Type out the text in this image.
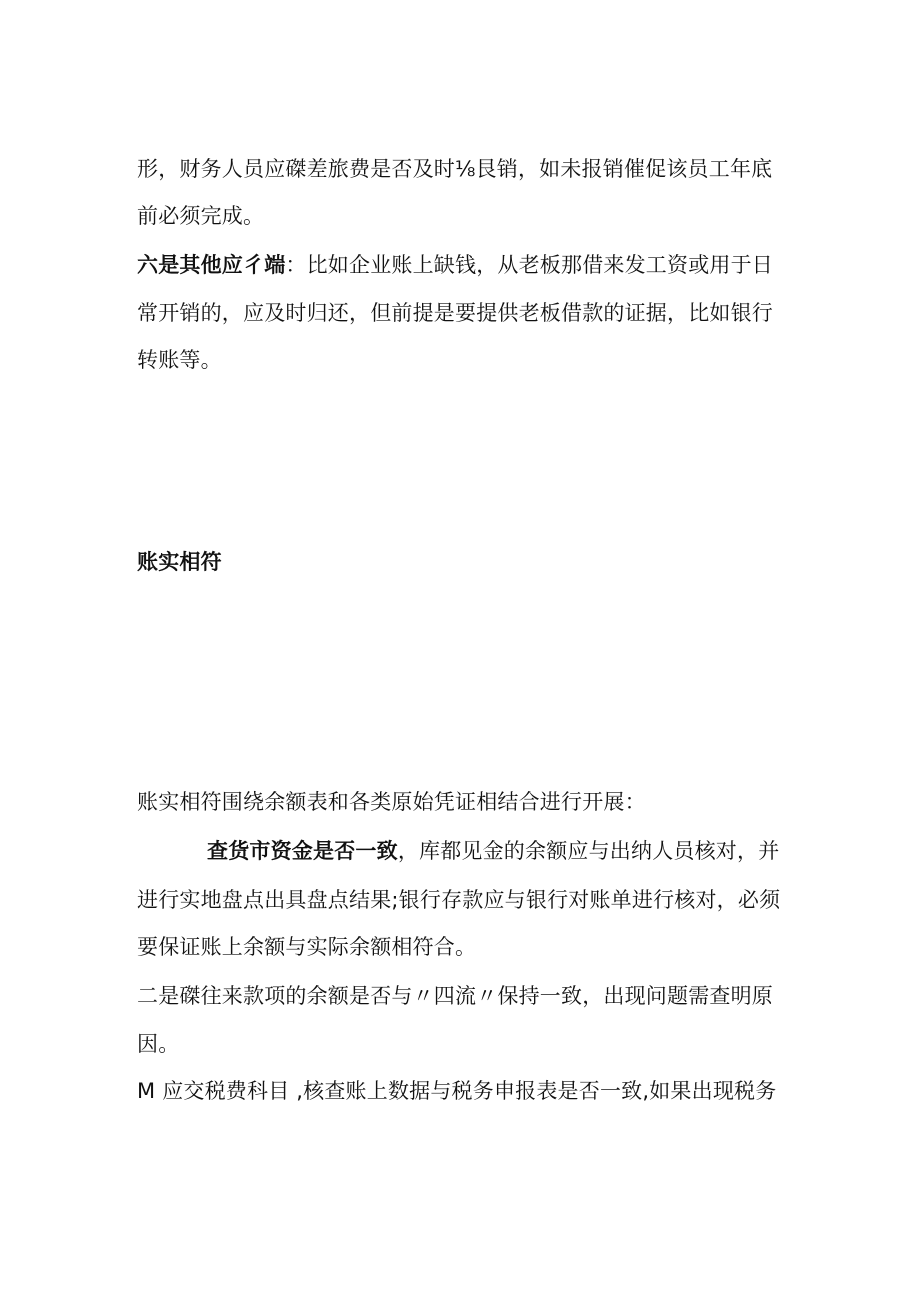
形，财务人员应磔差旅费是否及时⅛艮销，如未报销催促该员工年底
前必须完成。
六是其他应彳端：比如企业账上缺钱，从老板那借来发工资或用于日
常开销的，应及时归还，但前提是要提供老板借款的证据，比如银行
转账等。
账实相符
账实相符围绕余额表和各类原始凭证相结合进行开展：
查货市资金是否一致，库都见金的余额应与出纳人员核对，并
进行实地盘点出具盘点结果;银行存款应与银行对账单进行核对，必须
要保证账上余额与实际余额相符合。
二是磔往来款项的余额是否与〃四流〃保持一致，出现问题需查明原
因。
M 应交税费科目 ,核查账上数据与税务申报表是否一致,如果出现税务
